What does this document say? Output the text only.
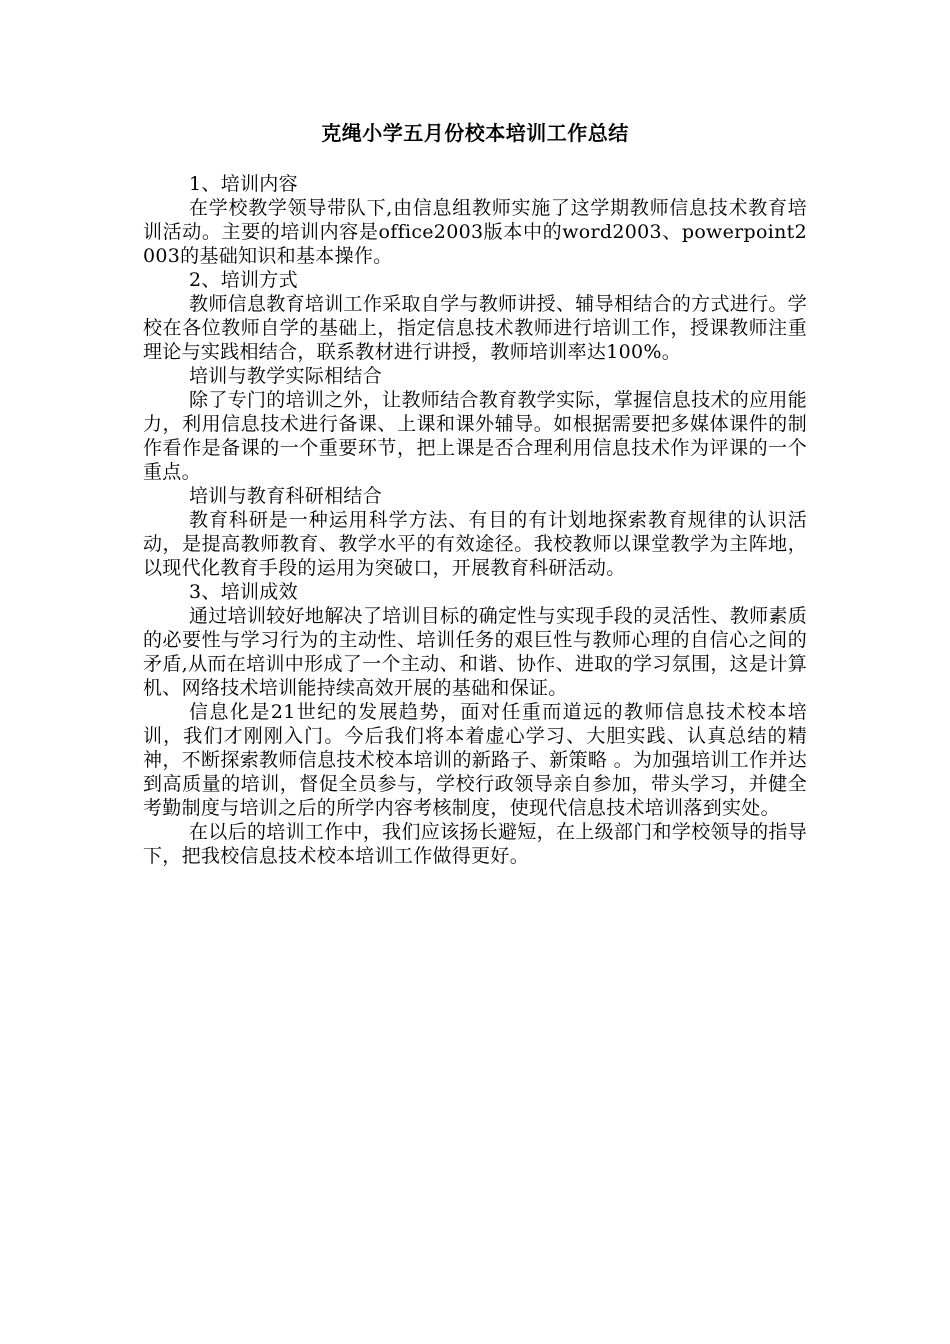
克绳小学五月份校本培训工作总结
1、培训内容
在学校教学领导带队下,由信息组教师实施了这学期教师信息技术教育培训活动。主要的培训内容是office2003版本中的word2003、powerpoint2003的基础知识和基本操作。
2、培训方式
教师信息教育培训工作采取自学与教师讲授、辅导相结合的方式进行。学校在各位教师自学的基础上，指定信息技术教师进行培训工作，授课教师注重理论与实践相结合，联系教材进行讲授，教师培训率达100%。
培训与教学实际相结合
除了专门的培训之外，让教师结合教育教学实际，掌握信息技术的应用能力，利用信息技术进行备课、上课和课外辅导。如根据需要把多媒体课件的制作看作是备课的一个重要环节，把上课是否合理利用信息技术作为评课的一个重点。
培训与教育科研相结合
教育科研是一种运用科学方法、有目的有计划地探索教育规律的认识活动，是提高教师教育、教学水平的有效途径。我校教师以课堂教学为主阵地，以现代化教育手段的运用为突破口，开展教育科研活动。
3、培训成效
通过培训较好地解决了培训目标的确定性与实现手段的灵活性、教师素质的必要性与学习行为的主动性、培训任务的艰巨性与教师心理的自信心之间的矛盾,从而在培训中形成了一个主动、和谐、协作、进取的学习氛围，这是计算机、网络技术培训能持续高效开展的基础和保证。
信息化是21世纪的发展趋势，面对任重而道远的教师信息技术校本培训，我们才刚刚入门。今后我们将本着虚心学习、大胆实践、认真总结的精神，不断探索教师信息技术校本培训的新路子、新策略 。为加强培训工作并达到高质量的培训，督促全员参与，学校行政领导亲自参加，带头学习，并健全考勤制度与培训之后的所学内容考核制度，使现代信息技术培训落到实处。
在以后的培训工作中，我们应该扬长避短，在上级部门和学校领导的指导下，把我校信息技术校本培训工作做得更好。
